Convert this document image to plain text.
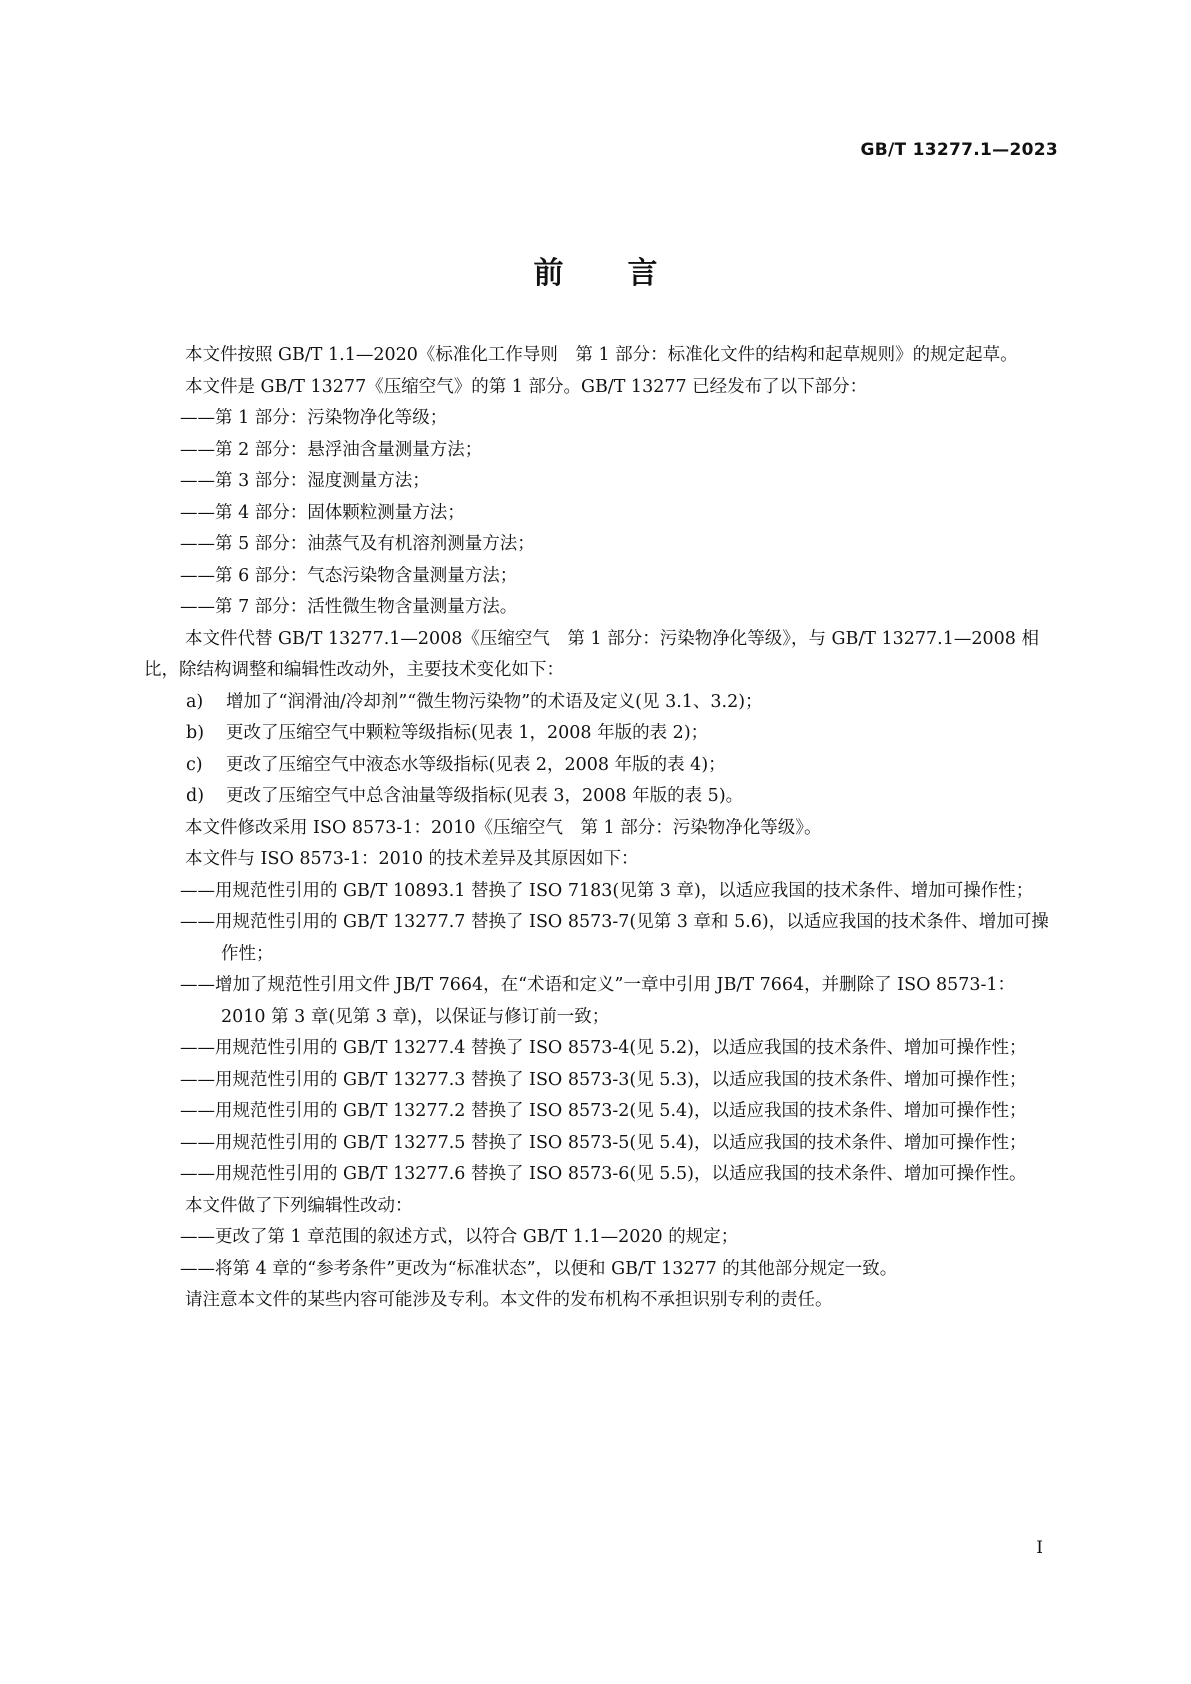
GB/T 13277.1—2023
前 言

本文件按照 GB/T 1.1—2020《标准化工作导则　第 1 部分：标准化文件的结构和起草规则》的规定起草。

本文件是 GB/T 13277《压缩空气》的第 1 部分。GB/T 13277 已经发布了以下部分：

——第 1 部分：污染物净化等级；

——第 2 部分：悬浮油含量测量方法；

——第 3 部分：湿度测量方法；

——第 4 部分：固体颗粒测量方法；

——第 5 部分：油蒸气及有机溶剂测量方法；

——第 6 部分：气态污染物含量测量方法；

——第 7 部分：活性微生物含量测量方法。

本文件代替 GB/T 13277.1—2008《压缩空气　第 1 部分：污染物净化等级》，与 GB/T 13277.1—2008 相比，除结构调整和编辑性改动外，主要技术变化如下：

a)	增加了“润滑油/冷却剂”“微生物污染物”的术语及定义(见 3.1、3.2)；
b)	更改了压缩空气中颗粒等级指标(见表 1，2008 年版的表 2)；
c)	更改了压缩空气中液态水等级指标(见表 2，2008 年版的表 4)；
d)	更改了压缩空气中总含油量等级指标(见表 3，2008 年版的表 5)。

本文件修改采用 ISO 8573-1：2010《压缩空气　第 1 部分：污染物净化等级》。

本文件与 ISO 8573-1：2010 的技术差异及其原因如下：

——用规范性引用的 GB/T 10893.1 替换了 ISO 7183(见第 3 章)，以适应我国的技术条件、增加可操作性；

——用规范性引用的 GB/T 13277.7 替换了 ISO 8573-7(见第 3 章和 5.6)，以适应我国的技术条件、增加可操作性；

——增加了规范性引用文件 JB/T 7664，在“术语和定义”一章中引用 JB/T 7664，并删除了 ISO 8573-1：2010 第 3 章(见第 3 章)，以保证与修订前一致；

——用规范性引用的 GB/T 13277.4 替换了 ISO 8573-4(见 5.2)，以适应我国的技术条件、增加可操作性；

——用规范性引用的 GB/T 13277.3 替换了 ISO 8573-3(见 5.3)，以适应我国的技术条件、增加可操作性；

——用规范性引用的 GB/T 13277.2 替换了 ISO 8573-2(见 5.4)，以适应我国的技术条件、增加可操作性；

——用规范性引用的 GB/T 13277.5 替换了 ISO 8573-5(见 5.4)，以适应我国的技术条件、增加可操作性；

——用规范性引用的 GB/T 13277.6 替换了 ISO 8573-6(见 5.5)，以适应我国的技术条件、增加可操作性。

本文件做了下列编辑性改动：

——更改了第 1 章范围的叙述方式，以符合 GB/T 1.1—2020 的规定；

——将第 4 章的“参考条件”更改为“标准状态”，以便和 GB/T 13277 的其他部分规定一致。

请注意本文件的某些内容可能涉及专利。本文件的发布机构不承担识别专利的责任。

I
